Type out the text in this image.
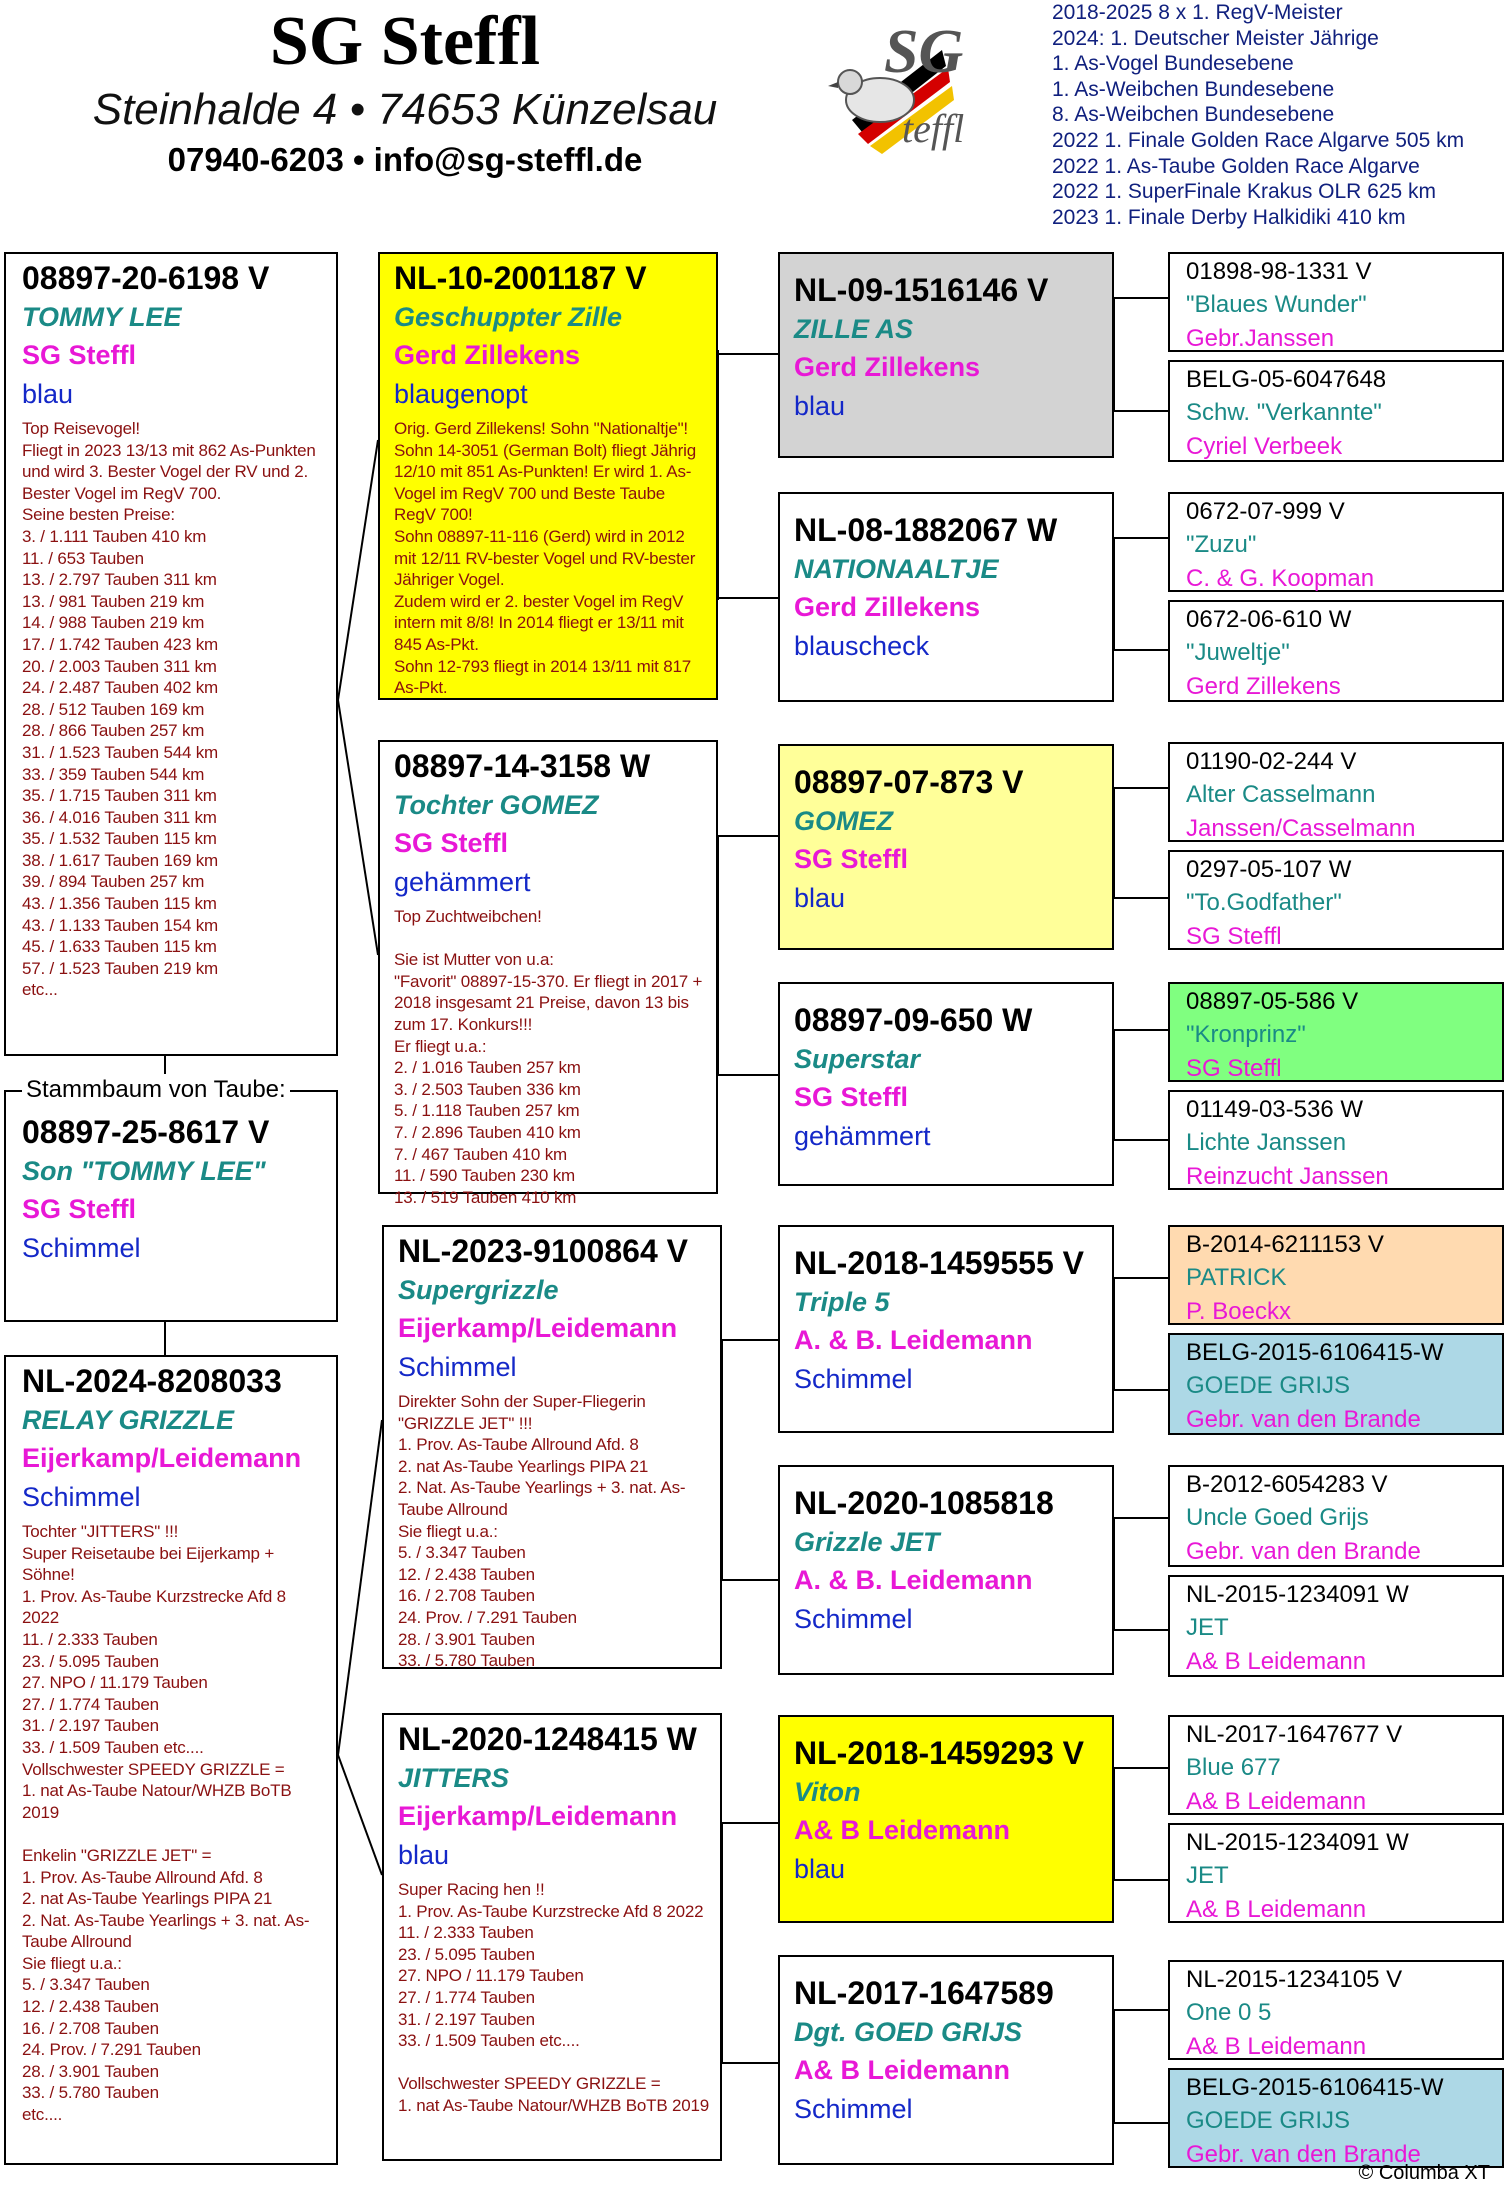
SG Steffl
Steinhalde 4 • 74653 Künzelsau
07940-6203 • info@sg-steffl.de
SG
teffl
2018-2025 8 x 1. RegV-Meister
2024: 1. Deutscher Meister Jährige
1. As-Vogel Bundesebene
1. As-Weibchen Bundesebene
8. As-Weibchen Bundesebene
2022 1. Finale Golden Race Algarve 505 km
2022 1. As-Taube Golden Race Algarve
2022 1. SuperFinale Krakus OLR 625 km
2023 1. Finale Derby Halkidiki 410 km
08897-20-6198 V
TOMMY LEE
SG Steffl
blau
Top Reisevogel!
Fliegt in 2023 13/13 mit 862 As-Punkten und wird 3. Bester Vogel der RV und 2. Bester Vogel im RegV 700.
Seine besten Preise:
3. / 1.111 Tauben 410 km
11. / 653 Tauben
13. / 2.797 Tauben 311 km
13. / 981 Tauben 219 km
14. / 988 Tauben 219 km
17. / 1.742 Tauben 423 km
20. / 2.003 Tauben 311 km
24. / 2.487 Tauben 402 km
28. / 512 Tauben 169 km
28. / 866 Tauben 257 km
31. / 1.523 Tauben 544 km
33. / 359 Tauben 544 km
35. / 1.715 Tauben 311 km
36. / 4.016 Tauben 311 km
35. / 1.532 Tauben 115 km
38. / 1.617 Tauben 169 km
39. / 894 Tauben 257 km
43. / 1.356 Tauben 115 km
43. / 1.133 Tauben 154 km
45. / 1.633 Tauben 115 km
57. / 1.523 Tauben 219 km
etc...
08897-25-8617 V
Son "TOMMY LEE"
SG Steffl
Schimmel
Stammbaum von Taube:
NL-2024-8208033
RELAY GRIZZLE
Eijerkamp/Leidemann
Schimmel
Tochter "JITTERS" !!!
Super Reisetaube bei Eijerkamp + Söhne!
1. Prov. As-Taube Kurzstrecke Afd 8 2022
11. / 2.333 Tauben
23. / 5.095 Tauben
27. NPO / 11.179 Tauben
27. / 1.774 Tauben
31. / 2.197 Tauben
33. / 1.509 Tauben etc....
Vollschwester SPEEDY GRIZZLE =
1. nat As-Taube Natour/WHZB BoTB 2019

Enkelin "GRIZZLE JET" =
1. Prov. As-Taube Allround Afd. 8
2. nat As-Taube Yearlings PIPA 21
2. Nat. As-Taube Yearlings + 3. nat. As-Taube Allround
Sie fliegt u.a.:
5. / 3.347 Tauben
12. / 2.438 Tauben
16. / 2.708 Tauben
24. Prov. / 7.291 Tauben
28. / 3.901 Tauben
33. / 5.780 Tauben
etc....
NL-10-2001187 V
Geschuppter Zille
Gerd Zillekens
blaugenopt
Orig. Gerd Zillekens! Sohn "Nationaltje"!
Sohn 14-3051 (German Bolt) fliegt Jährig 12/10 mit 851 As-Punkten! Er wird 1. As-Vogel im RegV 700 und Beste Taube RegV 700!
Sohn 08897-11-116 (Gerd) wird in 2012 mit 12/11 RV-bester Vogel und RV-bester Jähriger Vogel.
Zudem wird er 2. bester Vogel im RegV intern mit 8/8! In 2014 fliegt er 13/11 mit 845 As-Pkt.
Sohn 12-793 fliegt in 2014 13/11 mit 817 As-Pkt.
08897-14-3158 W
Tochter GOMEZ
SG Steffl
gehämmert
Top Zuchtweibchen!

Sie ist Mutter von u.a:
"Favorit" 08897-15-370. Er fliegt in 2017 + 2018 insgesamt 21 Preise, davon 13 bis zum 17. Konkurs!!!
Er fliegt u.a.:
2. / 1.016 Tauben 257 km
3. / 2.503 Tauben 336 km
5. / 1.118 Tauben 257 km
7. / 2.896 Tauben 410 km
7. / 467 Tauben 410 km
11. / 590 Tauben 230 km
13. / 519 Tauben 410 km
NL-2023-9100864 V
Supergrizzle
Eijerkamp/Leidemann
Schimmel
Direkter Sohn der Super-Fliegerin "GRIZZLE JET" !!!
1. Prov. As-Taube Allround Afd. 8
2. nat As-Taube Yearlings PIPA 21
2. Nat. As-Taube Yearlings + 3. nat. As-Taube Allround
Sie fliegt u.a.:
5. / 3.347 Tauben
12. / 2.438 Tauben
16. / 2.708 Tauben
24. Prov. / 7.291 Tauben
28. / 3.901 Tauben
33. / 5.780 Tauben
NL-2020-1248415 W
JITTERS
Eijerkamp/Leidemann
blau
Super Racing hen !!
1. Prov. As-Taube Kurzstrecke Afd 8 2022
11. / 2.333 Tauben
23. / 5.095 Tauben
27. NPO / 11.179 Tauben
27. / 1.774 Tauben
31. / 2.197 Tauben
33. / 1.509 Tauben etc....

Vollschwester SPEEDY GRIZZLE =
1. nat As-Taube Natour/WHZB BoTB 2019
NL-09-1516146 V
ZILLE AS
Gerd Zillekens
blau
NL-08-1882067 W
NATIONAALTJE
Gerd Zillekens
blauscheck
08897-07-873 V
GOMEZ
SG Steffl
blau
08897-09-650 W
Superstar
SG Steffl
gehämmert
NL-2018-1459555 V
Triple 5
A. & B. Leidemann
Schimmel
NL-2020-1085818
Grizzle JET
A. & B. Leidemann
Schimmel
NL-2018-1459293 V
Viton
A& B Leidemann
blau
NL-2017-1647589
Dgt. GOED GRIJS
A& B Leidemann
Schimmel
01898-98-1331 V
"Blaues Wunder"
Gebr.Janssen
BELG-05-6047648
Schw. "Verkannte"
Cyriel Verbeek
0672-07-999 V
"Zuzu"
C. & G. Koopman
0672-06-610 W
"Juweltje"
Gerd Zillekens
01190-02-244 V
Alter Casselmann
Janssen/Casselmann
0297-05-107 W
"To.Godfather"
SG Steffl
08897-05-586 V
"Kronprinz"
SG Steffl
01149-03-536 W
Lichte Janssen
Reinzucht Janssen
B-2014-6211153 V
PATRICK
P. Boeckx
BELG-2015-6106415-W
GOEDE GRIJS
Gebr. van den Brande
B-2012-6054283 V
Uncle Goed Grijs
Gebr. van den Brande
NL-2015-1234091 W
JET
A& B Leidemann
NL-2017-1647677 V
Blue 677
A& B Leidemann
NL-2015-1234091 W
JET
A& B Leidemann
NL-2015-1234105 V
One 0 5
A& B Leidemann
BELG-2015-6106415-W
GOEDE GRIJS
Gebr. van den Brande
© Columba XT
